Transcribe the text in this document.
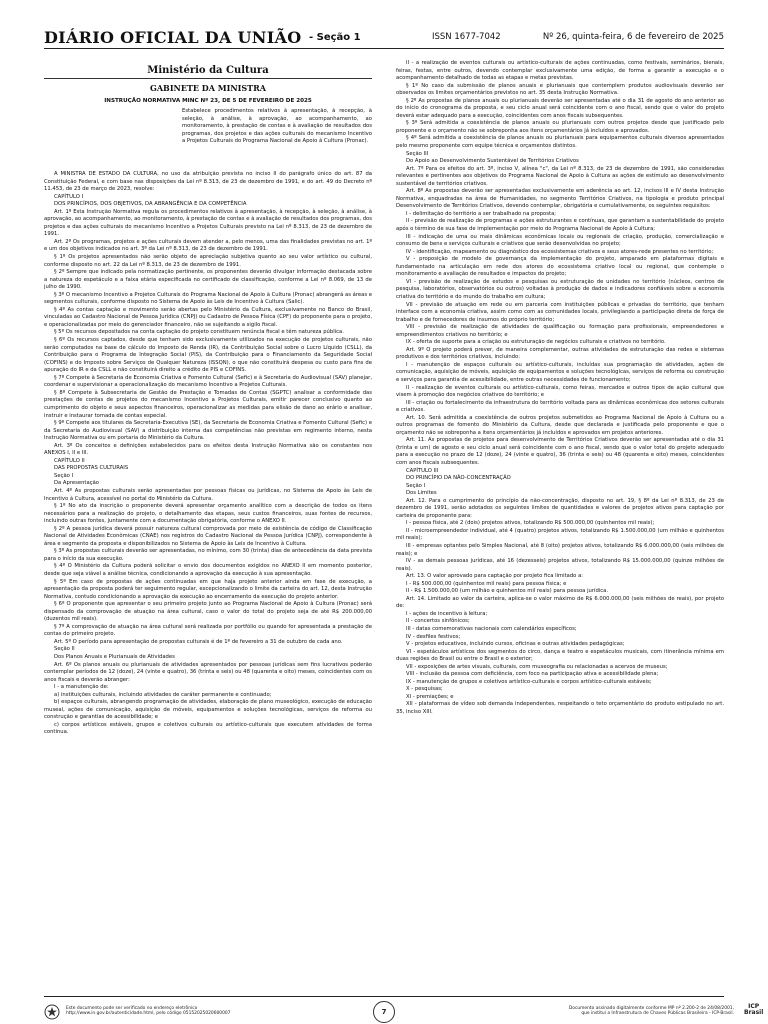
DIÁRIO OFICIAL DA UNIÃO - Seção 1	ISSN 1677-7042	Nº 26, quinta-feira, 6 de fevereiro de 2025
Ministério da Cultura
GABINETE DA MINISTRA
INSTRUÇÃO NORMATIVA MINC Nº 23, DE 5 DE FEVEREIRO DE 2025
Estabelece procedimentos relativos à apresentação, à recepção, à seleção, à análise, à aprovação, ao acompanhamento, ao monitoramento, à prestação de contas e à avaliação de resultados dos programas, dos projetos e das ações culturais do mecanismo Incentivo a Projetos Culturais do Programa Nacional de Apoio à Cultura (Pronac).
A MINISTRA DE ESTADO DA CULTURA, no uso da atribuição prevista no inciso II do parágrafo único do art. 87 da Constituição Federal, e com base nas disposições da Lei nº 8.313, de 23 de dezembro de 1991, e do art. 49 do Decreto nº 11.453, de 23 de março de 2023, resolve:
CAPÍTULO I
DOS PRINCÍPIOS, DOS OBJETIVOS, DA ABRANGÊNCIA E DA COMPETÊNCIA
Art. 1º Esta Instrução Normativa regula os procedimentos relativos à apresentação, à recepção, à seleção, à análise, à aprovação, ao acompanhamento, ao monitoramento, à prestação de contas e à avaliação de resultados dos programas, dos projetos e das ações culturais do mecanismo Incentivo a Projetos Culturais previsto na Lei nº 8.313, de 23 de dezembro de 1991.
Art. 2º Os programas, projetos e ações culturais devem atender a, pelo menos, uma das finalidades previstas no art. 1º e um dos objetivos indicados no art. 3º da Lei nº 8.313, de 23 de dezembro de 1991.
§ 1º Os projetos apresentados não serão objeto de apreciação subjetiva quanto ao seu valor artístico ou cultural, conforme disposto no art. 22 da Lei nº 8.313, de 23 de dezembro de 1991.
§ 2º Sempre que indicado pela normatização pertinente, os proponentes deverão divulgar informação destacada sobre a natureza do espetáculo e a faixa etária especificada no certificado de classificação, conforme a Lei nº 8.069, de 13 de julho de 1990.
§ 3º O mecanismo Incentivo a Projetos Culturais do Programa Nacional de Apoio à Cultura (Pronac) abrangerá as áreas e segmentos culturais, conforme disposto no Sistema de Apoio às Leis de Incentivo à Cultura (Salic).
§ 4º As contas captação e movimento serão abertas pelo Ministério da Cultura, exclusivamente no Banco do Brasil, vinculadas ao Cadastro Nacional de Pessoa Jurídica (CNPJ) ou Cadastro de Pessoa Física (CPF) do proponente para o projeto, e operacionalizadas por meio do gerenciador financeiro, não se sujeitando a sigilo fiscal.
§ 5º Os recursos depositados na conta captação do projeto constituem renúncia fiscal e têm natureza pública.
§ 6º Os recursos captados, desde que tenham sido exclusivamente utilizados na execução de projetos culturais, não serão computados na base de cálculo do Imposto de Renda (IR), da Contribuição Social sobre o Lucro Líquido (CSLL), da Contribuição para o Programa de Integração Social (PIS), da Contribuição para o Financiamento da Seguridade Social (COFINS) e do Imposto sobre Serviços de Qualquer Natureza (ISSQN), o que não constituirá despesa ou custo para fins de apuração do IR e da CSLL e não constituirá direito a crédito de PIS e COFINS.
§ 7º Compete à Secretaria de Economia Criativa e Fomento Cultural (Sefic) e à Secretaria do Audiovisual (SAV) planejar, coordenar e supervisionar a operacionalização do mecanismo Incentivo a Projetos Culturais.
§ 8º Compete à Subsecretaria de Gestão de Prestação e Tomadas de Contas (SGPTC) analisar a conformidade das prestações de contas de projetos do mecanismo Incentivo a Projetos Culturais, emitir parecer conclusivo quanto ao cumprimento do objeto e seus aspectos financeiros, operacionalizar as medidas para elisão de dano ao erário e analisar, instruir e instaurar tomada de contas especial.
§ 9º Compete aos titulares da Secretaria-Executiva (SE), da Secretaria de Economia Criativa e Fomento Cultural (Sefic) e da Secretaria do Audiovisual (SAV) a distribuição interna das competências não previstas em regimento interno, nesta Instrução Normativa ou em portaria do Ministério da Cultura.
Art. 3º Os conceitos e definições estabelecidos para os efeitos desta Instrução Normativa são os constantes nos ANEXOS I, II e III.
CAPÍTULO II
DAS PROPOSTAS CULTURAIS
Seção I
Da Apresentação
Art. 4º As propostas culturais serão apresentadas por pessoas físicas ou jurídicas, no Sistema de Apoio às Leis de Incentivo à Cultura, acessível no portal do Ministério da Cultura.
§ 1º No ato da inscrição o proponente deverá apresentar orçamento analítico com a descrição de todos os itens necessários para a realização do projeto, o detalhamento das etapas, seus custos financeiros, suas fontes de recursos, incluindo outras fontes, juntamente com a documentação obrigatória, conforme o ANEXO II.
§ 2º A pessoa jurídica deverá possuir natureza cultural comprovada por meio de existência de código de Classificação Nacional de Atividades Econômicas (CNAE) nos registros do Cadastro Nacional da Pessoa Jurídica (CNPJ), correspondente à área e segmento da proposta e disponibilizados no Sistema de Apoio às Leis de Incentivo à Cultura.
§ 3º As propostas culturais deverão ser apresentadas, no mínimo, com 30 (trinta) dias de antecedência da data prevista para o início da sua execução.
§ 4º O Ministério da Cultura poderá solicitar o envio dos documentos exigidos no ANEXO II em momento posterior, desde que seja viável a análise técnica, condicionando a aprovação da execução à sua apresentação.
§ 5º Em caso de propostas de ações continuadas em que haja projeto anterior ainda em fase de execução, a apresentação da proposta poderá ter seguimento regular, excepcionalizando o limite da carteira do art. 12, desta Instrução Normativa, contudo condicionando a aprovação da execução ao encerramento da execução do projeto anterior.
§ 6º O proponente que apresentar o seu primeiro projeto junto ao Programa Nacional de Apoio à Cultura (Pronac) será dispensado da comprovação de atuação na área cultural, caso o valor do total do projeto seja de até R$ 200.000,00 (duzentos mil reais).
§ 7º A comprovação de atuação na área cultural será realizada por portfólio ou quando for apresentada a prestação de contas do primeiro projeto.
Art. 5º O período para apresentação de propostas culturais é de 1º de fevereiro a 31 de outubro de cada ano.
Seção II
Dos Planos Anuais e Plurianuais de Atividades
Art. 6º Os planos anuais ou plurianuais de atividades apresentados por pessoas jurídicas sem fins lucrativos poderão contemplar períodos de 12 (doze), 24 (vinte e quatro), 36 (trinta e seis) ou 48 (quarenta e oito) meses, coincidentes com os anos fiscais e deverão abranger:
I - a manutenção de:
a) instituições culturais, incluindo atividades de caráter permanente e continuado;
b) espaços culturais, abrangendo programação de atividades, elaboração de plano museológico, execução de educação museal, ações de comunicação, aquisição de móveis, equipamentos e soluções tecnológicas, serviços de reforma ou construção e garantias de acessibilidade; e
c) corpos artísticos estáveis, grupos e coletivos culturais ou artístico-culturais que executem atividades de forma continua.
II - a realização de eventos culturais ou artístico-culturais de ações continuadas, como festivais, seminários, bienais, feiras, festas, entre outros, devendo contemplar exclusivamente uma edição, de forma a garantir a execução e o acompanhamento detalhado de todas as etapas e metas previstas.
§ 1º No caso da submissão de planos anuais e plurianuais que contemplem produtos audiovisuais deverão ser observados os limites orçamentários previstos no art. 35 desta Instrução Normativa.
§ 2º As propostas de planos anuais ou plurianuais deverão ser apresentadas até o dia 31 de agosto do ano anterior ao do início do cronograma da proposta, e seu ciclo anual será coincidente com o ano fiscal, sendo que o valor do projeto deverá estar adequado para a execução, coincidentes com anos fiscais subsequentes.
§ 3º Será admitida a coexistência de planos anuais ou plurianuais com outros projetos desde que justificado pelo proponente e o orçamento não se sobreponha aos itens orçamentários já incluídos e aprovados.
§ 4º Será admitida a coexistência de planos anuais ou plurianuais para equipamentos culturais diversos apresentados pelo mesmo proponente com equipe técnica e orçamentos distintos.
Seção III
Do Apoio ao Desenvolvimento Sustentável de Territórios Criativos
Art. 7º Para os efeitos do art. 3º, inciso V, alínea "c", da Lei nº 8.313, de 23 de dezembro de 1991, são consideradas relevantes e pertinentes aos objetivos do Programa Nacional de Apoio à Cultura as ações de estímulo ao desenvolvimento sustentável de territórios criativos.
Art. 8º As propostas deverão ser apresentadas exclusivamente em aderência ao art. 12, incisos III e IV desta Instrução Normativa, enquadradas na área de Humanidades, no segmento Territórios Criativos, na tipologia e produto principal Desenvolvimento de Territórios Criativos, devendo contemplar, obrigatória e cumulativamente, os seguintes requisitos:
I - delimitação do território a ser trabalhado na proposta;
II - previsão de realização de programas e ações estruturantes e contínuas, que garantam a sustentabilidade do projeto após o término de sua fase de implementação por meio do Programa Nacional de Apoio à Cultura;
III - indicação de uma ou mais dinâmicas econômicas locais ou regionais de criação, produção, comercialização e consumo de bens e serviços culturais e criativos que serão desenvolvidas no projeto;
IV - identificação, mapeamento ou diagnóstico dos ecossistemas criativos e seus atores-rede presentes no território;
V - proposição de modelo de governança da implementação do projeto, amparado em plataformas digitais e fundamentado na articulação em rede dos atores do ecossistema criativo local ou regional, que contemple o monitoramento e avaliação de resultados e impactos do projeto;
VI - previsão de realização de estudos e pesquisas ou estruturação de unidades no território (núcleos, centros de pesquisa, laboratórios, observatórios ou outros) voltadas à produção de dados e indicadores confiáveis sobre a economia criativa do território e do mundo do trabalho em cultura;
VII - previsão de atuação em rede ou em parceria com instituições públicas e privadas do território, que tenham interface com a economia criativa, assim como com as comunidades locais, privilegiando a participação direta de força de trabalho e de fornecedores de insumos do próprio território;
VIII - previsão de realização de atividades de qualificação ou formação para profissionais, empreendedores e empreendimentos criativos no território; e
IX - oferta de suporte para a criação ou estruturação de negócios culturais e criativos no território.
Art. 9º O projeto poderá prever, de maneira complementar, outras atividades de estruturação das redes e sistemas produtivos e dos territórios criativos, incluindo:
I - manutenção de espaços culturais ou artístico-culturais, incluídas sua programação de atividades, ações de comunicação, aquisição de móveis, aquisição de equipamentos e soluções tecnológicas, serviços de reforma ou construção e serviços para garantia de acessibilidade, entre outras necessidades de funcionamento;
II - realização de eventos culturais ou artístico-culturais, como feiras, mercados e outros tipos de ação cultural que visem à promoção dos negócios criativos do território; e
III - criação ou fortalecimento da infraestrutura do território voltada para as dinâmicas econômicas dos setores culturais e criativos.
Art. 10. Será admitida a coexistência de outros projetos submetidos ao Programa Nacional de Apoio à Cultura ou a outros programas de fomento do Ministério da Cultura, desde que declarada e justificada pelo proponente e que o orçamento não se sobreponha a itens orçamentários já incluídos e aprovados em projetos anteriores.
Art. 11. As propostas de projetos para desenvolvimento de Territórios Criativos deverão ser apresentadas até o dia 31 (trinta e um) de agosto e seu ciclo anual será coincidente com o ano fiscal, sendo que o valor total do projeto adequado para a execução no prazo de 12 (doze), 24 (vinte e quatro), 36 (trinta e seis) ou 48 (quarenta e oito) meses, coincidentes com anos fiscais subsequentes.
CAPÍTULO III
DO PRINCÍPIO DA NÃO-CONCENTRAÇÃO
Seção I
Dos Limites
Art. 12. Para o cumprimento do princípio da não-concentração, disposto no art. 19, § 8º da Lei nº 8.313, de 23 de dezembro de 1991, serão adotados os seguintes limites de quantidades e valores de projetos ativos para captação por carteira de proponente para:
I - pessoa física, até 2 (dois) projetos ativos, totalizando R$ 500.000,00 (quinhentos mil reais);
II - microempreendedor individual, até 4 (quatro) projetos ativos, totalizando R$ 1.500.000,00 (um milhão e quinhentos mil reais);
III - empresas optantes pelo Simples Nacional, até 8 (oito) projetos ativos, totalizando R$ 6.000.000,00 (seis milhões de reais); e
IV - as demais pessoas jurídicas, até 16 (dezesseis) projetos ativos, totalizando R$ 15.000.000,00 (quinze milhões de reais).
Art. 13. O valor aprovado para captação por projeto fica limitado a:
I - R$ 500.000,00 (quinhentos mil reais) para pessoa física; e
II - R$ 1.500.000,00 (um milhão e quinhentos mil reais) para pessoa jurídica.
Art. 14. Limitado ao valor da carteira, aplica-se o valor máximo de R$ 6.000.000,00 (seis milhões de reais), por projeto de:
I - ações de incentivo à leitura;
II - concertos sinfônicos;
III - datas comemorativas nacionais com calendários específicos;
IV - desfiles festivos;
V - projetos educativos, incluindo cursos, oficinas e outras atividades pedagógicas;
VI - espetáculos artísticos dos segmentos do circo, dança e teatro e espetáculos musicais, com itinerância mínima em duas regiões do Brasil ou entre o Brasil e o exterior;
VII - exposições de artes visuais, culturais, com museografia ou relacionadas a acervos de museus;
VIII - inclusão da pessoa com deficiência, com foco na participação ativa e acessibilidade plena;
IX - manutenção de grupos e coletivos artístico-culturais e corpos artístico-culturais estáveis;
X - pesquisas;
XI - premiações; e
XII - plataformas de vídeo sob demanda independentes, respeitando o teto orçamentário do produto estipulado no art. 35, inciso XIII.
Este documento pode ser verificado no endereço eletrônico
http://www.in.gov.br/autenticidade.html, pelo código 05152025020600007	7	Documento assinado digitalmente conforme MP nº 2.200-2 de 24/08/2001,
que institui a Infraestrutura de Chaves Públicas Brasileira - ICP-Brasil.
ICP
Brasil
